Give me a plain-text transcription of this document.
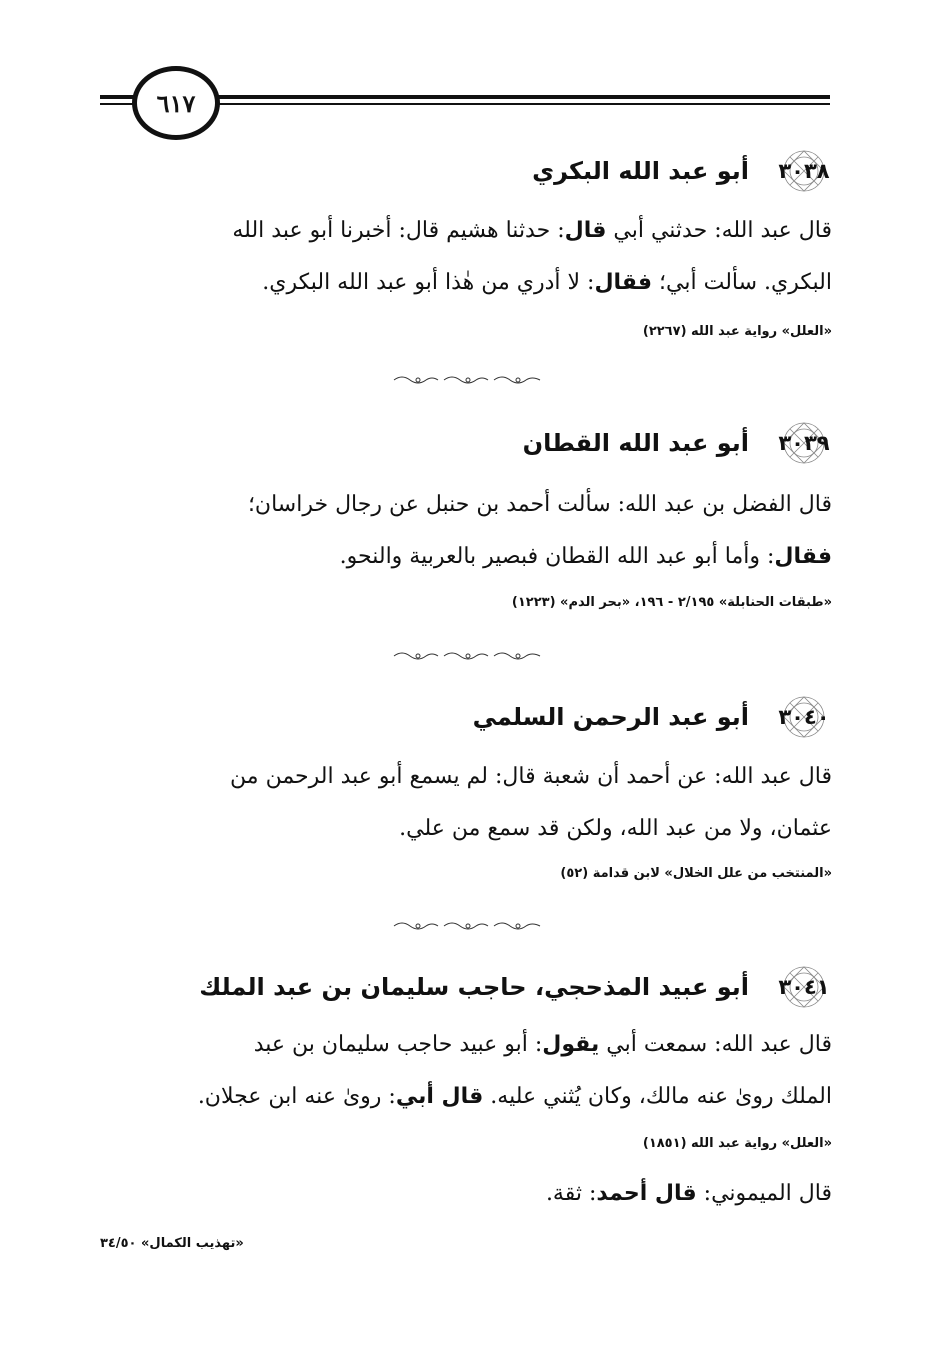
٦١٧
٣٠٣٨
أبو عبد الله البكري
قال عبد الله: حدثني أبي قال: حدثنا هشيم قال: أخبرنا أبو عبد الله
البكري. سألت أبي؛ فقال: لا أدري من هٰذا أبو عبد الله البكري.
«العلل» رواية عبد الله (٢٢٦٧)
٣٠٣٩
أبو عبد الله القطان
قال الفضل بن عبد الله: سألت أحمد بن حنبل عن رجال خراسان؛
فقال: وأما أبو عبد الله القطان فبصير بالعربية والنحو.
«طبقات الحنابلة» ٢/١٩٥ - ١٩٦، «بحر الدم» (١٢٢٣)
٣٠٤٠
أبو عبد الرحمن السلمي
قال عبد الله: عن أحمد أن شعبة قال: لم يسمع أبو عبد الرحمن من
عثمان، ولا من عبد الله، ولكن قد سمع من علي.
«المنتخب من علل الخلال» لابن قدامة (٥٢)
٣٠٤١
أبو عبيد المذحجي، حاجب سليمان بن عبد الملك
قال عبد الله: سمعت أبي يقول: أبو عبيد حاجب سليمان بن عبد
الملك روىٰ عنه مالك، وكان يُثني عليه. قال أبي: روىٰ عنه ابن عجلان.
«العلل» رواية عبد الله (١٨٥١)
قال الميموني: قال أحمد: ثقة.
«تهذيب الكمال» ٣٤/٥٠
